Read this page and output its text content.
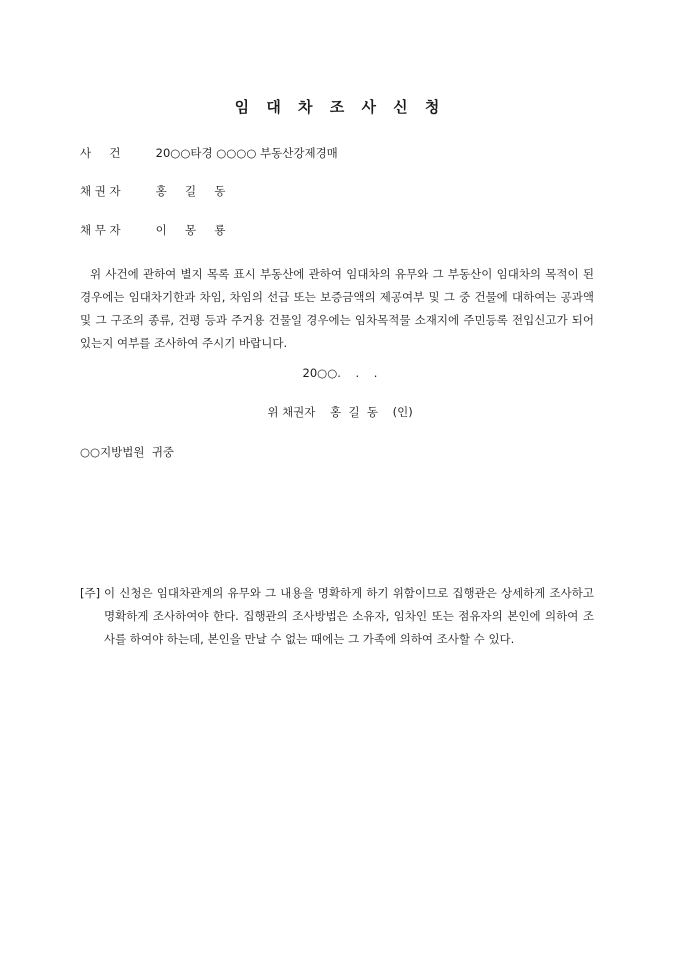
임 대 차 조 사 신 청
사     건	20○○타경 ○○○○ 부동산강제경매
채 권 자	홍     길     동
채 무 자	이     몽     룡
위 사건에 관하여 별지 목록 표시 부동산에 관하여 임대차의 유무와 그 부동산이 임대차의 목적이 된 경우에는 임대차기한과 차임, 차임의 선급 또는 보증금액의 제공여부 및 그 중 건물에 대하여는 공과액 및 그 구조의 종류, 건평 등과 주거용 건물일 경우에는 임차목적물 소재지에 주민등록 전입신고가 되어 있는지 여부를 조사하여 주시기 바랍니다.
20○○.    .    .
위 채권자    홍  길  동    (인)
○○지방법원  귀중
[주] 이 신청은 임대차관계의 유무와 그 내용을 명확하게 하기 위함이므로 집행관은 상세하게 조사하고 명확하게 조사하여야 한다. 집행관의 조사방법은 소유자, 임차인 또는 점유자의 본인에 의하여 조사를 하여야 하는데, 본인을 만날 수 없는 때에는 그 가족에 의하여 조사할 수 있다.
